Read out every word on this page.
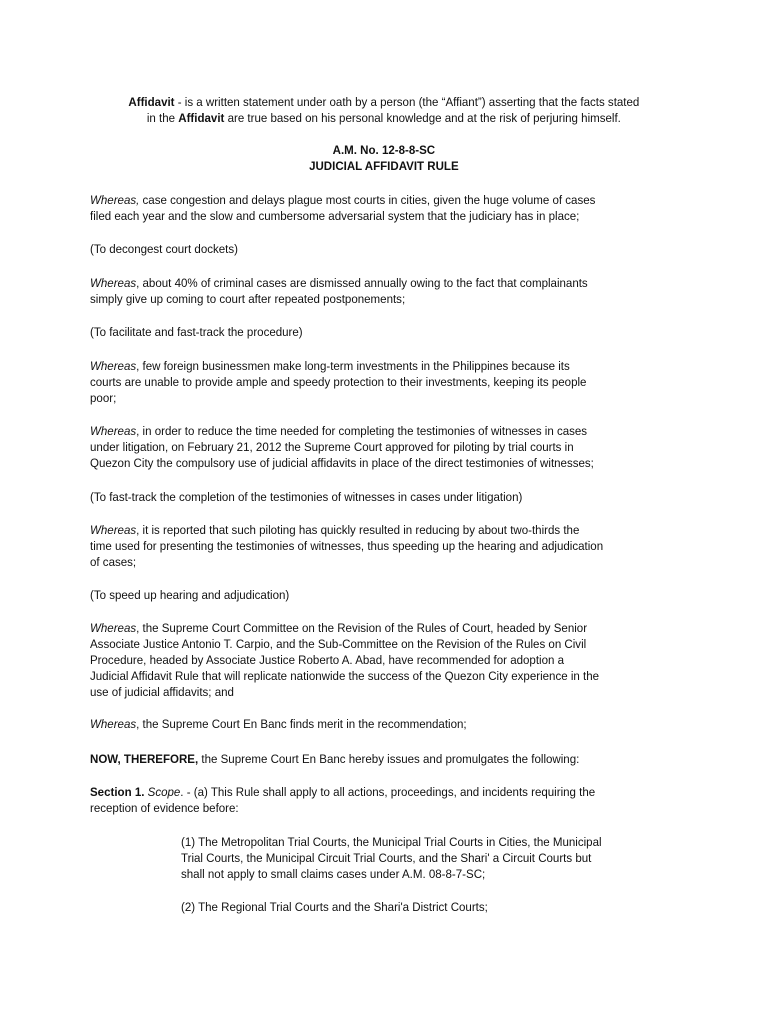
Affidavit - is a written statement under oath by a person (the “Affiant”) asserting that the facts stated
in the Affidavit are true based on his personal knowledge and at the risk of perjuring himself.
A.M. No. 12-8-8-SC
JUDICIAL AFFIDAVIT RULE
Whereas, case congestion and delays plague most courts in cities, given the huge volume of cases
filed each year and the slow and cumbersome adversarial system that the judiciary has in place;
(To decongest court dockets)
Whereas, about 40% of criminal cases are dismissed annually owing to the fact that complainants
simply give up coming to court after repeated postponements;
(To facilitate and fast-track the procedure)
Whereas, few foreign businessmen make long-term investments in the Philippines because its
courts are unable to provide ample and speedy protection to their investments, keeping its people
poor;
Whereas, in order to reduce the time needed for completing the testimonies of witnesses in cases
under litigation, on February 21, 2012 the Supreme Court approved for piloting by trial courts in
Quezon City the compulsory use of judicial affidavits in place of the direct testimonies of witnesses;
(To fast-track the completion of the testimonies of witnesses in cases under litigation)
Whereas, it is reported that such piloting has quickly resulted in reducing by about two-thirds the
time used for presenting the testimonies of witnesses, thus speeding up the hearing and adjudication
of cases;
(To speed up hearing and adjudication)
Whereas, the Supreme Court Committee on the Revision of the Rules of Court, headed by Senior
Associate Justice Antonio T. Carpio, and the Sub-Committee on the Revision of the Rules on Civil
Procedure, headed by Associate Justice Roberto A. Abad, have recommended for adoption a
Judicial Affidavit Rule that will replicate nationwide the success of the Quezon City experience in the
use of judicial affidavits; and
Whereas, the Supreme Court En Banc finds merit in the recommendation;
NOW, THEREFORE, the Supreme Court En Banc hereby issues and promulgates the following:
Section 1. Scope. - (a) This Rule shall apply to all actions, proceedings, and incidents requiring the
reception of evidence before:
(1) The Metropolitan Trial Courts, the Municipal Trial Courts in Cities, the Municipal
Trial Courts, the Municipal Circuit Trial Courts, and the Shari' a Circuit Courts but
shall not apply to small claims cases under A.M. 08-8-7-SC;
(2) The Regional Trial Courts and the Shari'a District Courts;
